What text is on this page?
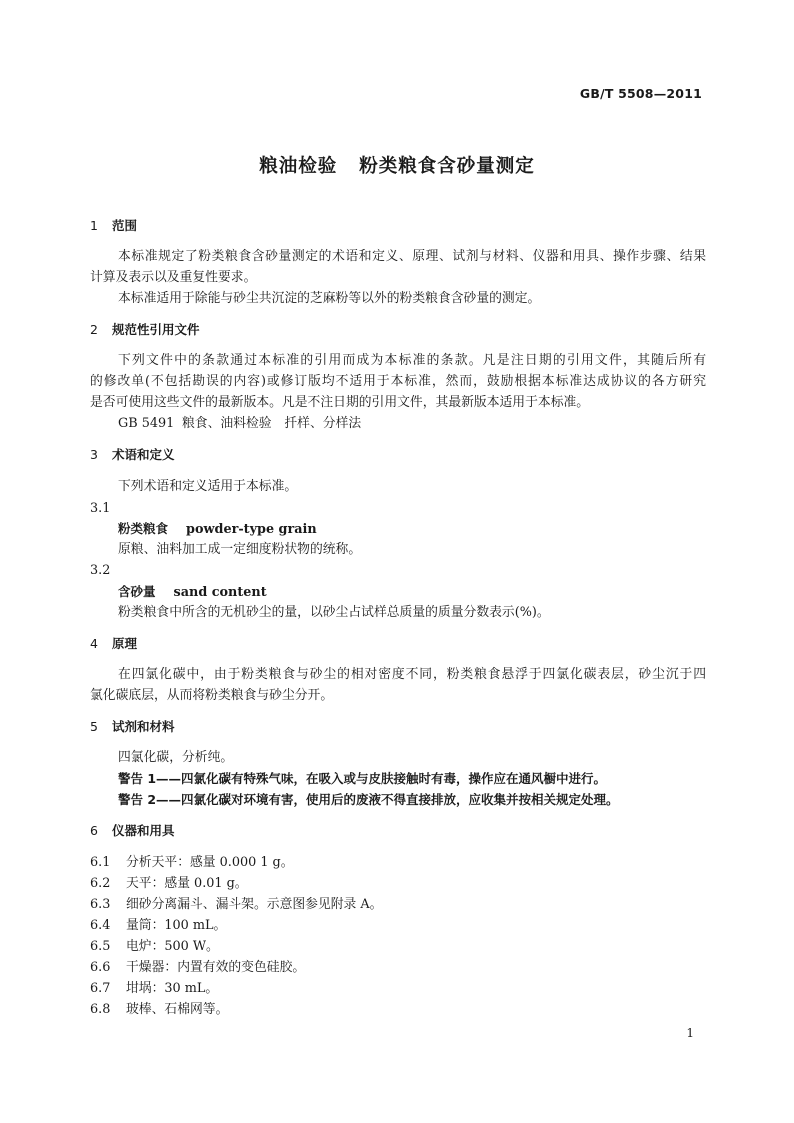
GB/T 5508—2011
粮油检验 粉类粮食含砂量测定
1 范围
本标准规定了粉类粮食含砂量测定的术语和定义、原理、试剂与材料、仪器和用具、操作步骤、结果
计算及表示以及重复性要求。
本标准适用于除能与砂尘共沉淀的芝麻粉等以外的粉类粮食含砂量的测定。
2 规范性引用文件
下列文件中的条款通过本标准的引用而成为本标准的条款。凡是注日期的引用文件，其随后所有
的修改单(不包括勘误的内容)或修订版均不适用于本标准，然而，鼓励根据本标准达成协议的各方研究
是否可使用这些文件的最新版本。凡是不注日期的引用文件，其最新版本适用于本标准。
GB 5491 粮食、油料检验　扦样、分样法
3 术语和定义
下列术语和定义适用于本标准。
3.1
粉类粮食 powder-type grain
原粮、油料加工成一定细度粉状物的统称。
3.2
含砂量 sand content
粉类粮食中所含的无机砂尘的量，以砂尘占试样总质量的质量分数表示(%)。
4 原理
在四氯化碳中，由于粉类粮食与砂尘的相对密度不同，粉类粮食悬浮于四氯化碳表层，砂尘沉于四
氯化碳底层，从而将粉类粮食与砂尘分开。
5 试剂和材料
四氯化碳，分析纯。
警告 1——四氯化碳有特殊气味，在吸入或与皮肤接触时有毒，操作应在通风橱中进行。
警告 2——四氯化碳对环境有害，使用后的废液不得直接排放，应收集并按相关规定处理。
6 仪器和用具
6.1 分析天平：感量 0.000 1 g。
6.2 天平：感量 0.01 g。
6.3 细砂分离漏斗、漏斗架。示意图参见附录 A。
6.4 量筒：100 mL。
6.5 电炉：500 W。
6.6 干燥器：内置有效的变色硅胶。
6.7 坩埚：30 mL。
6.8 玻棒、石棉网等。
1
